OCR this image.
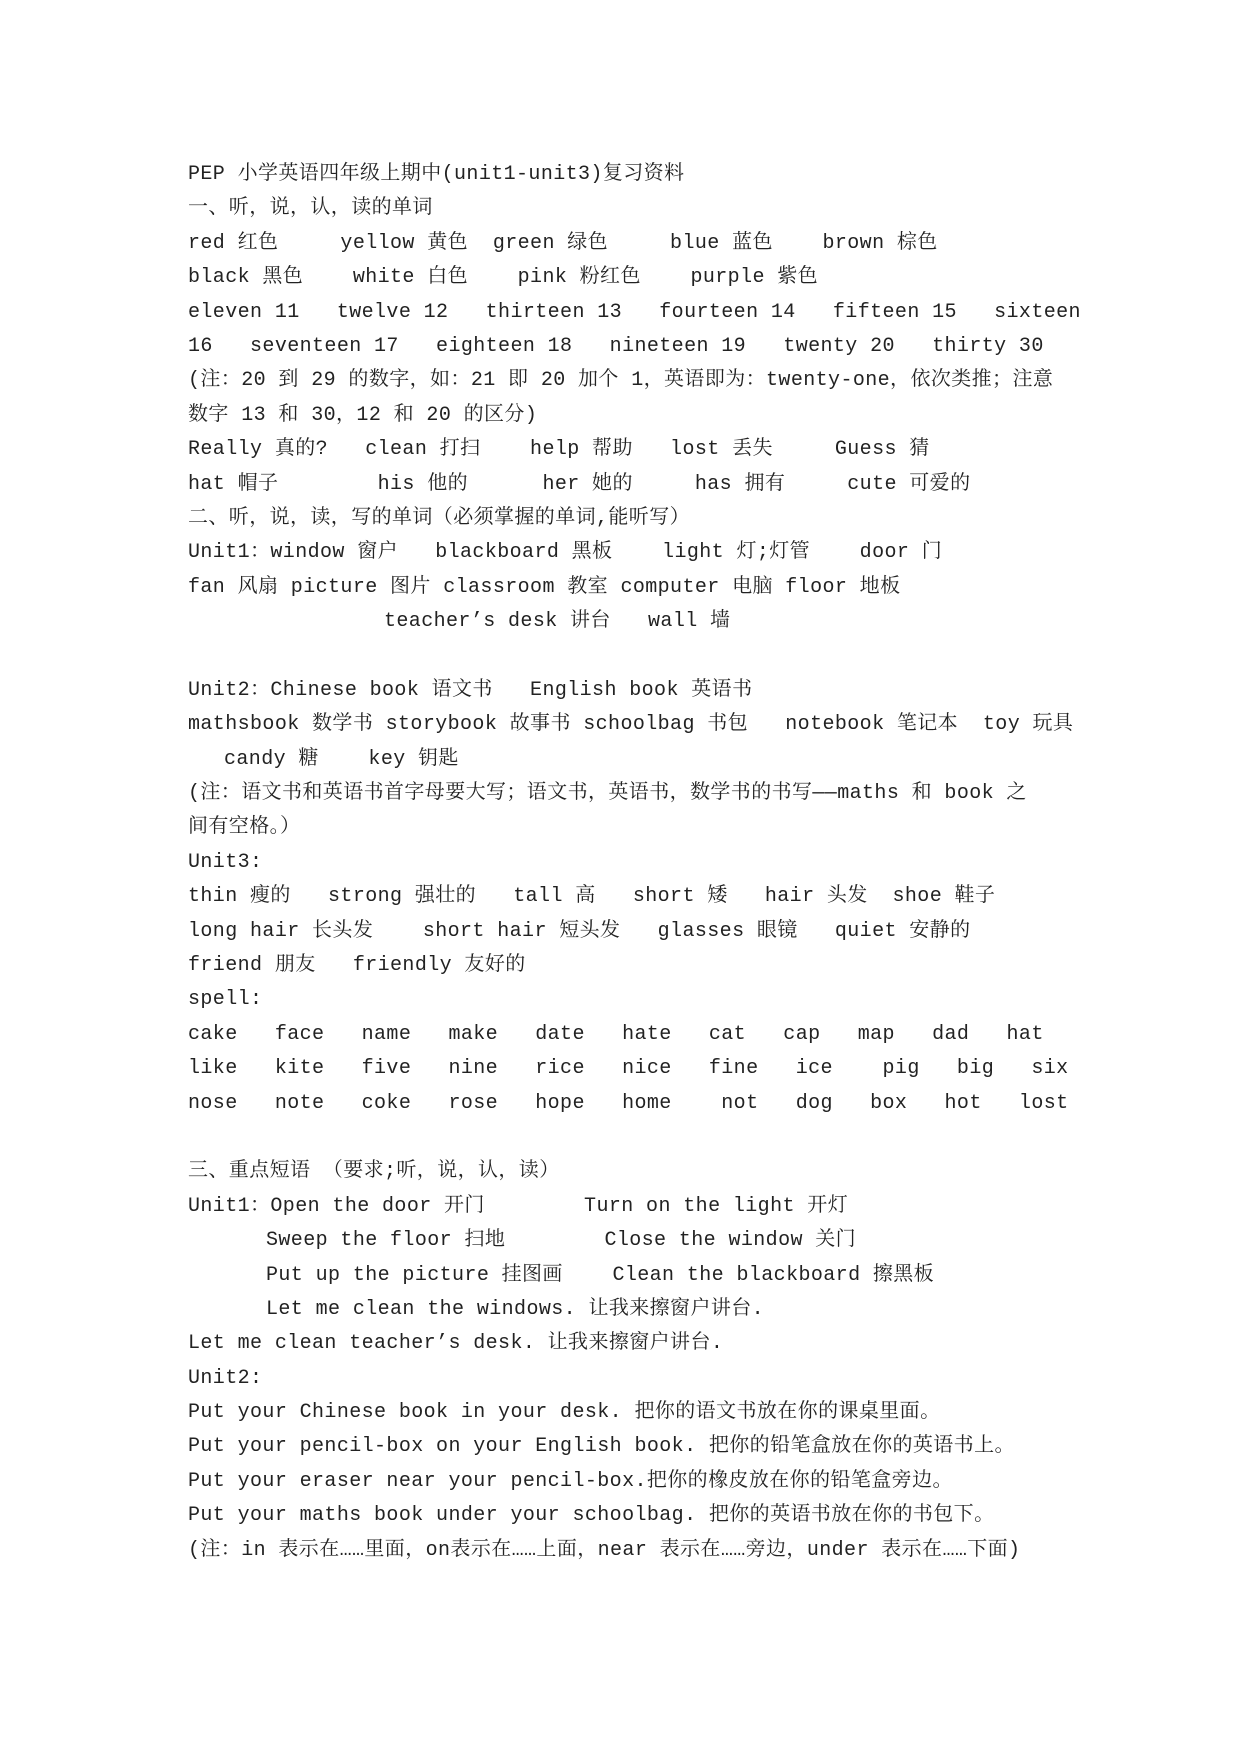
PEP 小学英语四年级上期中(unit1-unit3)复习资料
一、听，说，认，读的单词
red 红色     yellow 黄色  green 绿色     blue 蓝色    brown 棕色
black 黑色    white 白色    pink 粉红色    purple 紫色
eleven 11   twelve 12   thirteen 13   fourteen 14   fifteen 15   sixteen
16   seventeen 17   eighteen 18   nineteen 19   twenty 20   thirty 30
(注：20 到 29 的数字，如：21 即 20 加个 1，英语即为：twenty-one，依次类推；注意
数字 13 和 30，12 和 20 的区分)
Really 真的?   clean 打扫    help 帮助   lost 丢失     Guess 猜
hat 帽子        his 他的      her 她的     has 拥有     cute 可爱的
二、听，说，读，写的单词（必须掌握的单词,能听写）
Unit1：window 窗户   blackboard 黑板    light 灯;灯管    door 门
fan 风扇 picture 图片 classroom 教室 computer 电脑 floor 地板
teacher’s desk 讲台   wall 墙
Unit2：Chinese book 语文书   English book 英语书
mathsbook 数学书 storybook 故事书 schoolbag 书包   notebook 笔记本  toy 玩具
candy 糖    key 钥匙
(注：语文书和英语书首字母要大写；语文书，英语书，数学书的书写——maths 和 book 之
间有空格。）
Unit3:
thin 瘦的   strong 强壮的   tall 高   short 矮   hair 头发  shoe 鞋子
long hair 长头发    short hair 短头发   glasses 眼镜   quiet 安静的
friend 朋友   friendly 友好的
spell:
cake   face   name   make   date   hate   cat   cap   map   dad   hat
like   kite   five   nine   rice   nice   fine   ice    pig   big   six
nose   note   coke   rose   hope   home    not   dog   box   hot   lost
三、重点短语 （要求;听，说，认，读）
Unit1：Open the door 开门        Turn on the light 开灯
Sweep the floor 扫地        Close the window 关门
Put up the picture 挂图画    Clean the blackboard 擦黑板
Let me clean the windows. 让我来擦窗户讲台.
Let me clean teacher’s desk. 让我来擦窗户讲台.
Unit2:
Put your Chinese book in your desk. 把你的语文书放在你的课桌里面。
Put your pencil-box on your English book. 把你的铅笔盒放在你的英语书上。
Put your eraser near your pencil-box.把你的橡皮放在你的铅笔盒旁边。
Put your maths book under your schoolbag. 把你的英语书放在你的书包下。
(注：in 表示在……里面，on表示在……上面，near 表示在……旁边，under 表示在……下面)
